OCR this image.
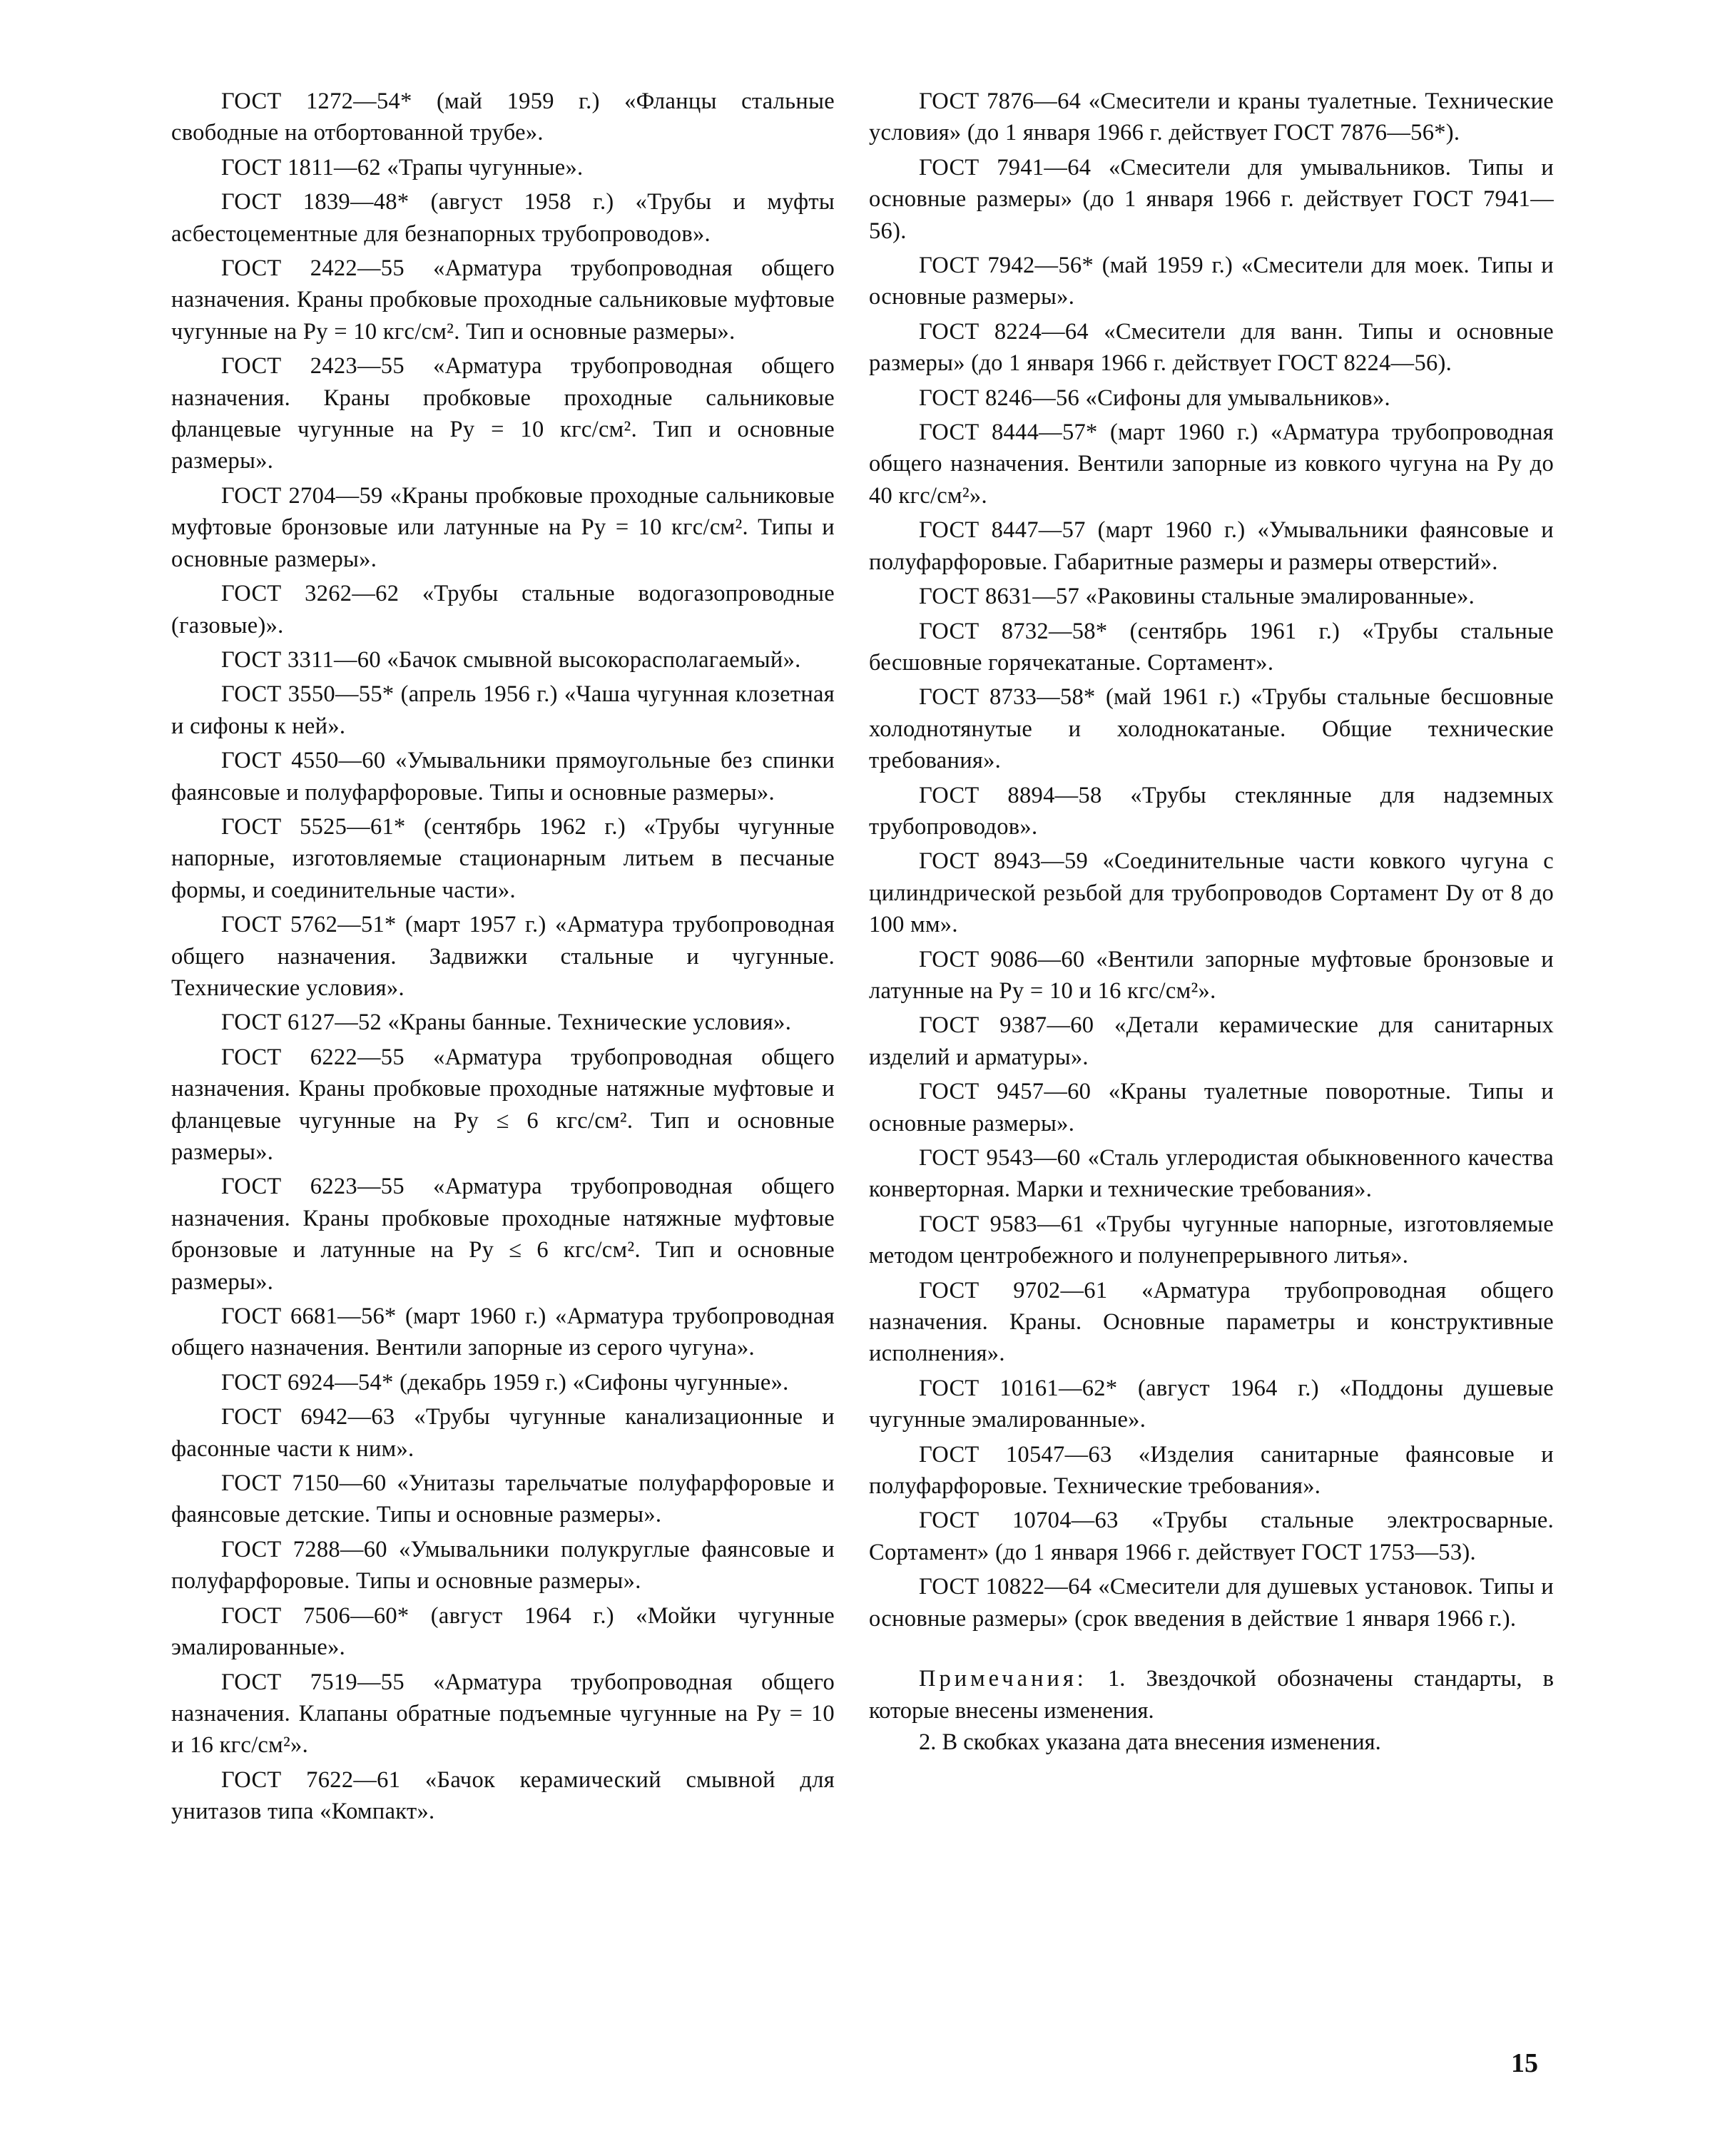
ГОСТ 1272—54* (май 1959 г.) «Фланцы стальные свободные на отбортованной трубе».

ГОСТ 1811—62 «Трапы чугунные».

ГОСТ 1839—48* (август 1958 г.) «Трубы и муфты асбестоцементные для безнапорных трубопроводов».

ГОСТ 2422—55 «Арматура трубопроводная общего назначения. Краны пробковые проходные сальниковые муфтовые чугунные на Pу = 10 кгс/см². Тип и основные размеры».

ГОСТ 2423—55 «Арматура трубопроводная общего назначения. Краны пробковые проходные сальниковые фланцевые чугунные на Pу = 10 кгс/см². Тип и основные размеры».

ГОСТ 2704—59 «Краны пробковые проходные сальниковые муфтовые бронзовые или латунные на Pу = 10 кгс/см². Типы и основные размеры».

ГОСТ 3262—62 «Трубы стальные водогазопроводные (газовые)».

ГОСТ 3311—60 «Бачок смывной высокорасполагаемый».

ГОСТ 3550—55* (апрель 1956 г.) «Чаша чугунная клозетная и сифоны к ней».

ГОСТ 4550—60 «Умывальники прямоугольные без спинки фаянсовые и полуфарфоровые. Типы и основные размеры».

ГОСТ 5525—61* (сентябрь 1962 г.) «Трубы чугунные напорные, изготовляемые стационарным литьем в песчаные формы, и соединительные части».

ГОСТ 5762—51* (март 1957 г.) «Арматура трубопроводная общего назначения. Задвижки стальные и чугунные. Технические условия».

ГОСТ 6127—52 «Краны банные. Технические условия».

ГОСТ 6222—55 «Арматура трубопроводная общего назначения. Краны пробковые проходные натяжные муфтовые и фланцевые чугунные на Pу ≤ 6 кгс/см². Тип и основные размеры».

ГОСТ 6223—55 «Арматура трубопроводная общего назначения. Краны пробковые проходные натяжные муфтовые бронзовые и латунные на Pу ≤ 6 кгс/см². Тип и основные размеры».

ГОСТ 6681—56* (март 1960 г.) «Арматура трубопроводная общего назначения. Вентили запорные из серого чугуна».

ГОСТ 6924—54* (декабрь 1959 г.) «Сифоны чугунные».

ГОСТ 6942—63 «Трубы чугунные канализационные и фасонные части к ним».

ГОСТ 7150—60 «Унитазы тарельчатые полуфарфоровые и фаянсовые детские. Типы и основные размеры».

ГОСТ 7288—60 «Умывальники полукруглые фаянсовые и полуфарфоровые. Типы и основные размеры».

ГОСТ 7506—60* (август 1964 г.) «Мойки чугунные эмалированные».

ГОСТ 7519—55 «Арматура трубопроводная общего назначения. Клапаны обратные подъемные чугунные на Pу = 10 и 16 кгс/см²».

ГОСТ 7622—61 «Бачок керамический смывной для унитазов типа «Компакт».

ГОСТ 7876—64 «Смесители и краны туалетные. Технические условия» (до 1 января 1966 г. действует ГОСТ 7876—56*).

ГОСТ 7941—64 «Смесители для умывальников. Типы и основные размеры» (до 1 января 1966 г. действует ГОСТ 7941—56).

ГОСТ 7942—56* (май 1959 г.) «Смесители для моек. Типы и основные размеры».

ГОСТ 8224—64 «Смесители для ванн. Типы и основные размеры» (до 1 января 1966 г. действует ГОСТ 8224—56).

ГОСТ 8246—56 «Сифоны для умывальников».

ГОСТ 8444—57* (март 1960 г.) «Арматура трубопроводная общего назначения. Вентили запорные из ковкого чугуна на Pу до 40 кгс/см²».

ГОСТ 8447—57 (март 1960 г.) «Умывальники фаянсовые и полуфарфоровые. Габаритные размеры и размеры отверстий».

ГОСТ 8631—57 «Раковины стальные эмалированные».

ГОСТ 8732—58* (сентябрь 1961 г.) «Трубы стальные бесшовные горячекатаные. Сортамент».

ГОСТ 8733—58* (май 1961 г.) «Трубы стальные бесшовные холоднотянутые и холоднокатаные. Общие технические требования».

ГОСТ 8894—58 «Трубы стеклянные для надземных трубопроводов».

ГОСТ 8943—59 «Соединительные части ковкого чугуна с цилиндрической резьбой для трубопроводов Сортамент Dу от 8 до 100 мм».

ГОСТ 9086—60 «Вентили запорные муфтовые бронзовые и латунные на Pу = 10 и 16 кгс/см²».

ГОСТ 9387—60 «Детали керамические для санитарных изделий и арматуры».

ГОСТ 9457—60 «Краны туалетные поворотные. Типы и основные размеры».

ГОСТ 9543—60 «Сталь углеродистая обыкновенного качества конверторная. Марки и технические требования».

ГОСТ 9583—61 «Трубы чугунные напорные, изготовляемые методом центробежного и полунепрерывного литья».

ГОСТ 9702—61 «Арматура трубопроводная общего назначения. Краны. Основные параметры и конструктивные исполнения».

ГОСТ 10161—62* (август 1964 г.) «Поддоны душевые чугунные эмалированные».

ГОСТ 10547—63 «Изделия санитарные фаянсовые и полуфарфоровые. Технические требования».

ГОСТ 10704—63 «Трубы стальные электросварные. Сортамент» (до 1 января 1966 г. действует ГОСТ 1753—53).

ГОСТ 10822—64 «Смесители для душевых установок. Типы и основные размеры» (срок введения в действие 1 января 1966 г.).

Примечания: 1. Звездочкой обозначены стандарты, в которые внесены изменения.

2. В скобках указана дата внесения изменения.

15
